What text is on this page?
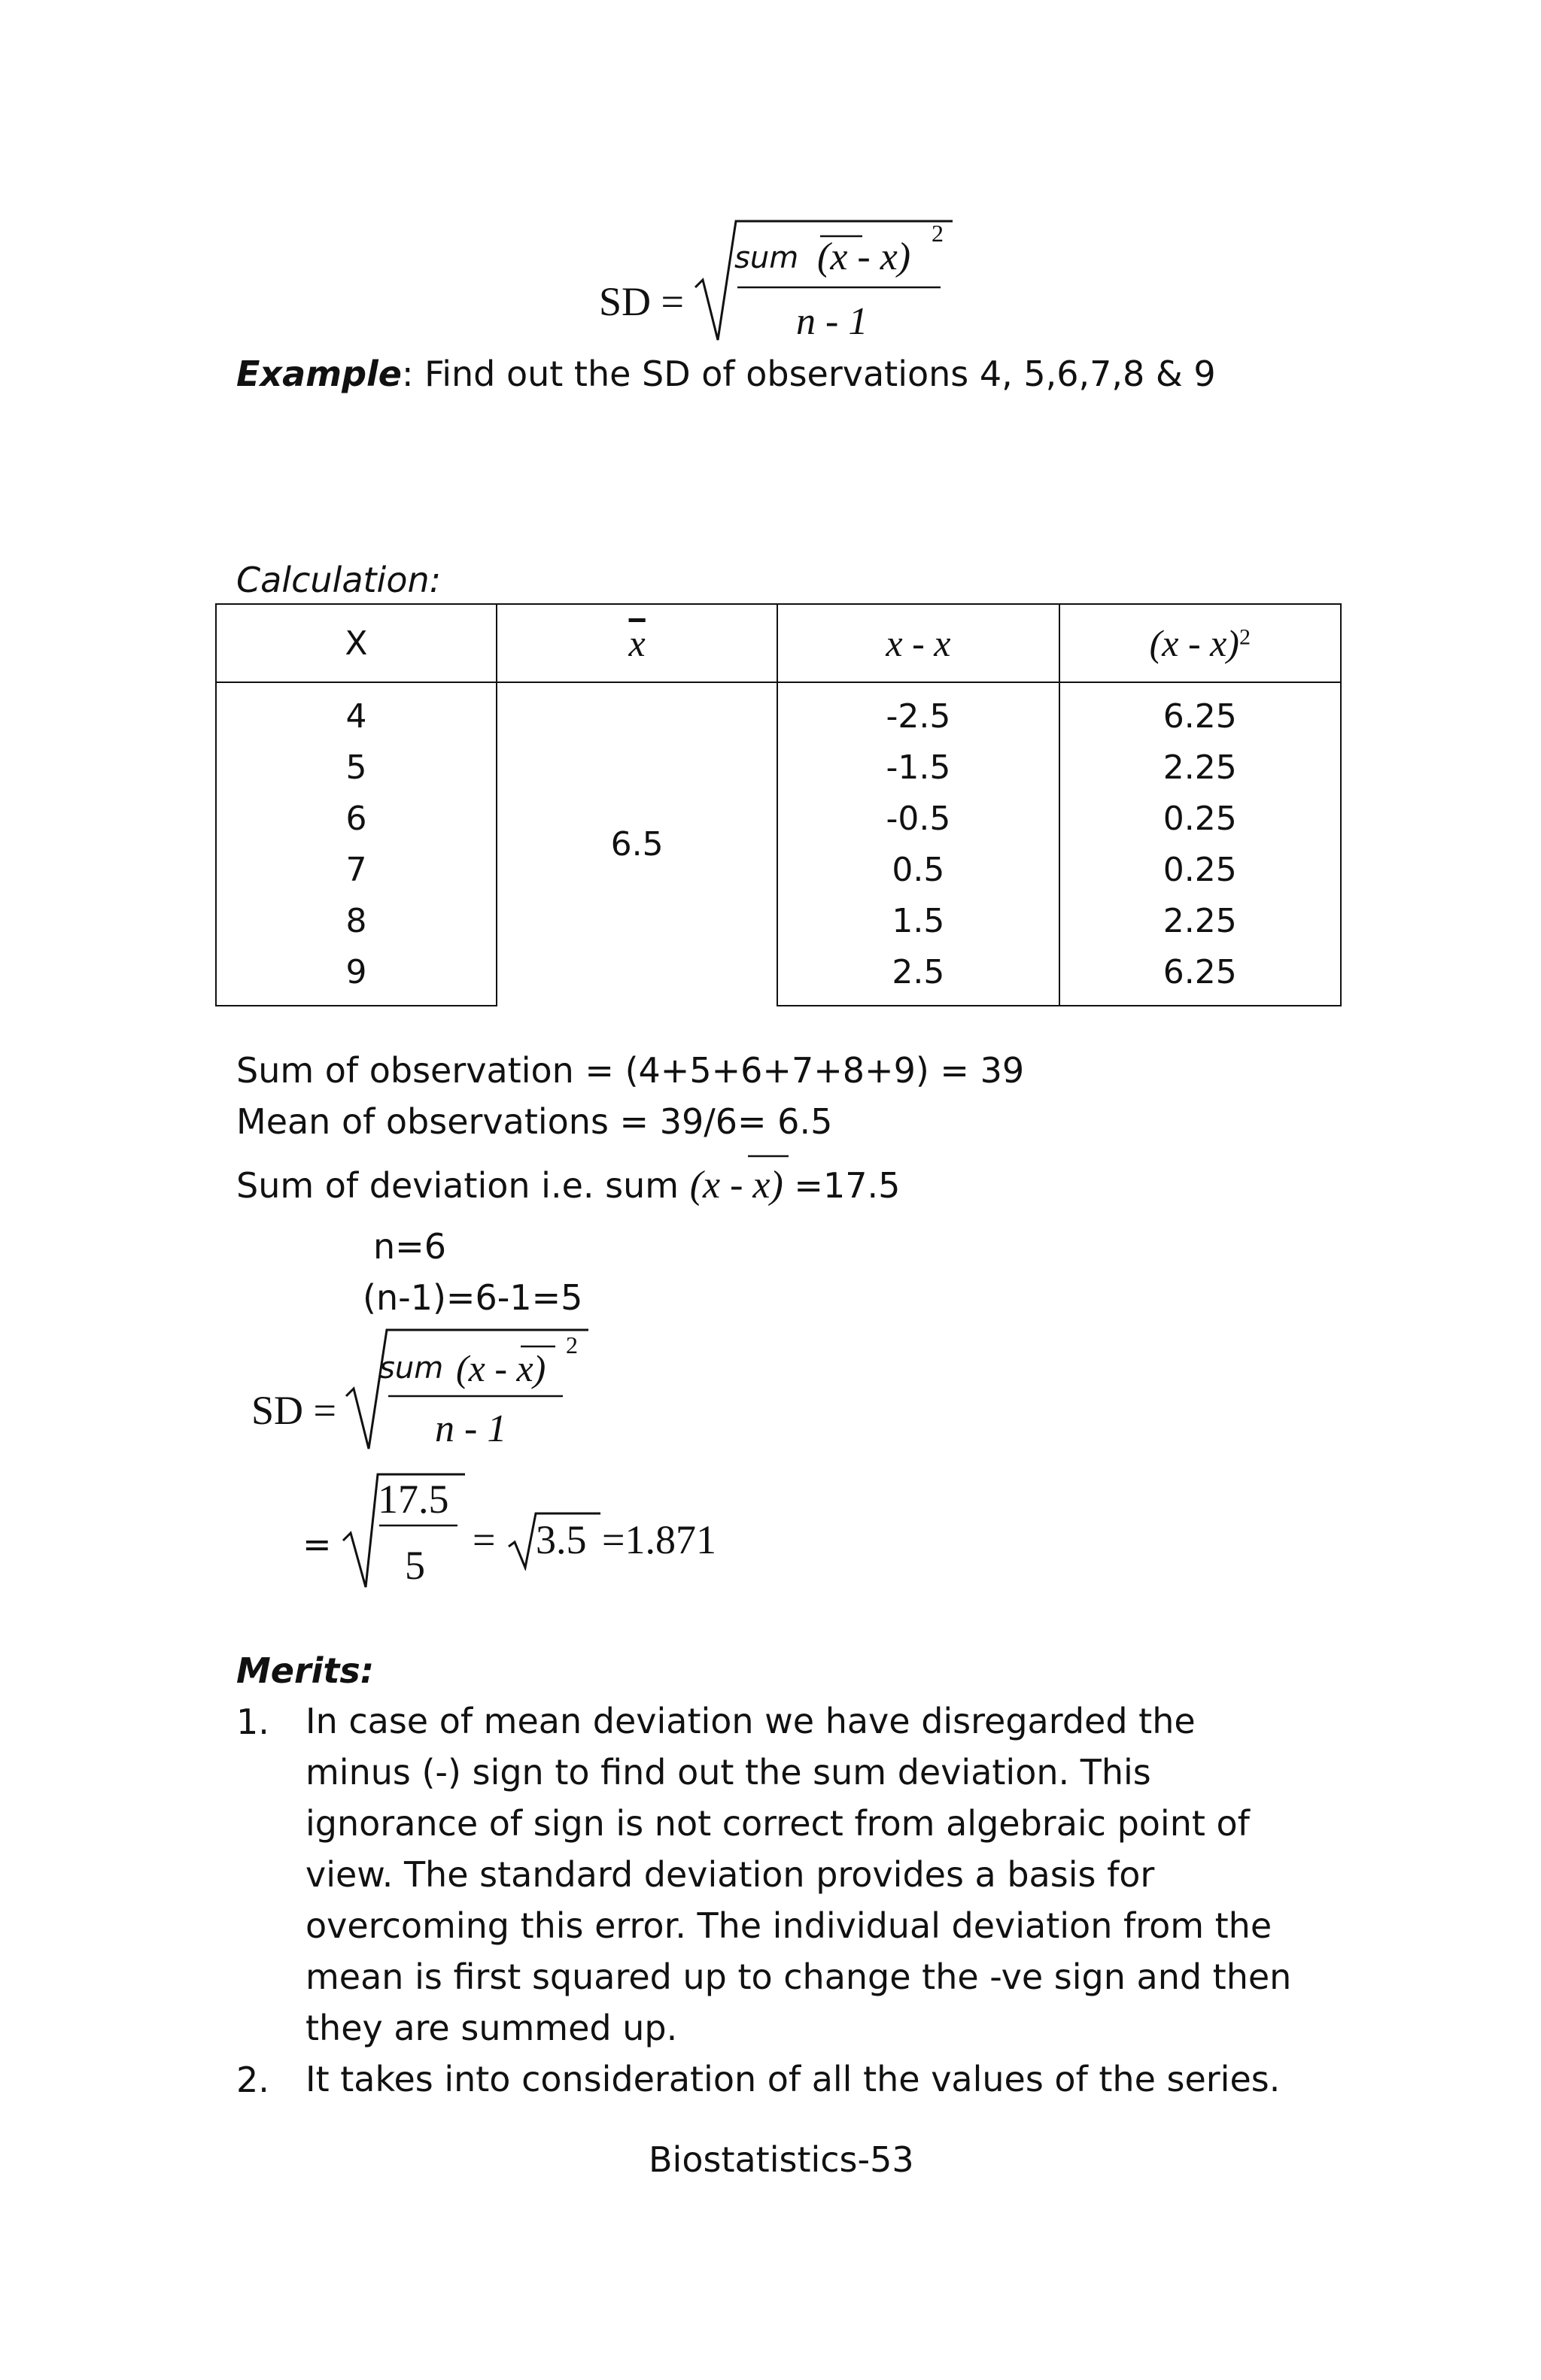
SD =
sum (x - x)
2
n - 1
Example: Find out the SD of observations 4, 5,6,7,8 & 9
Calculation:
X	$\overline{x}$	x - x	(x - x)$^2$
4	6.5	-2.5	6.25
5		-1.5	2.25
6		-0.5	0.25
7		0.5	0.25
8		1.5	2.25
9		2.5	6.25
Sum of observation = (4+5+6+7+8+9) = 39
Mean of observations = 39/6= 6.5
Sum of deviation i.e. sum (x - x) =17.5
n=6
(n-1)=6-1=5
SD =
sum (x - x)
2
n - 1
=
17.5
5
= 3.5 =1.871
Merits:
1. In case of mean deviation we have disregarded the minus (-) sign to find out the sum deviation. This ignorance of sign is not correct from algebraic point of view. The standard deviation provides a basis for overcoming this error. The individual deviation from the mean is first squared up to change the -ve sign and then they are summed up.
2. It takes into consideration of all the values of the series.
Biostatistics-53
